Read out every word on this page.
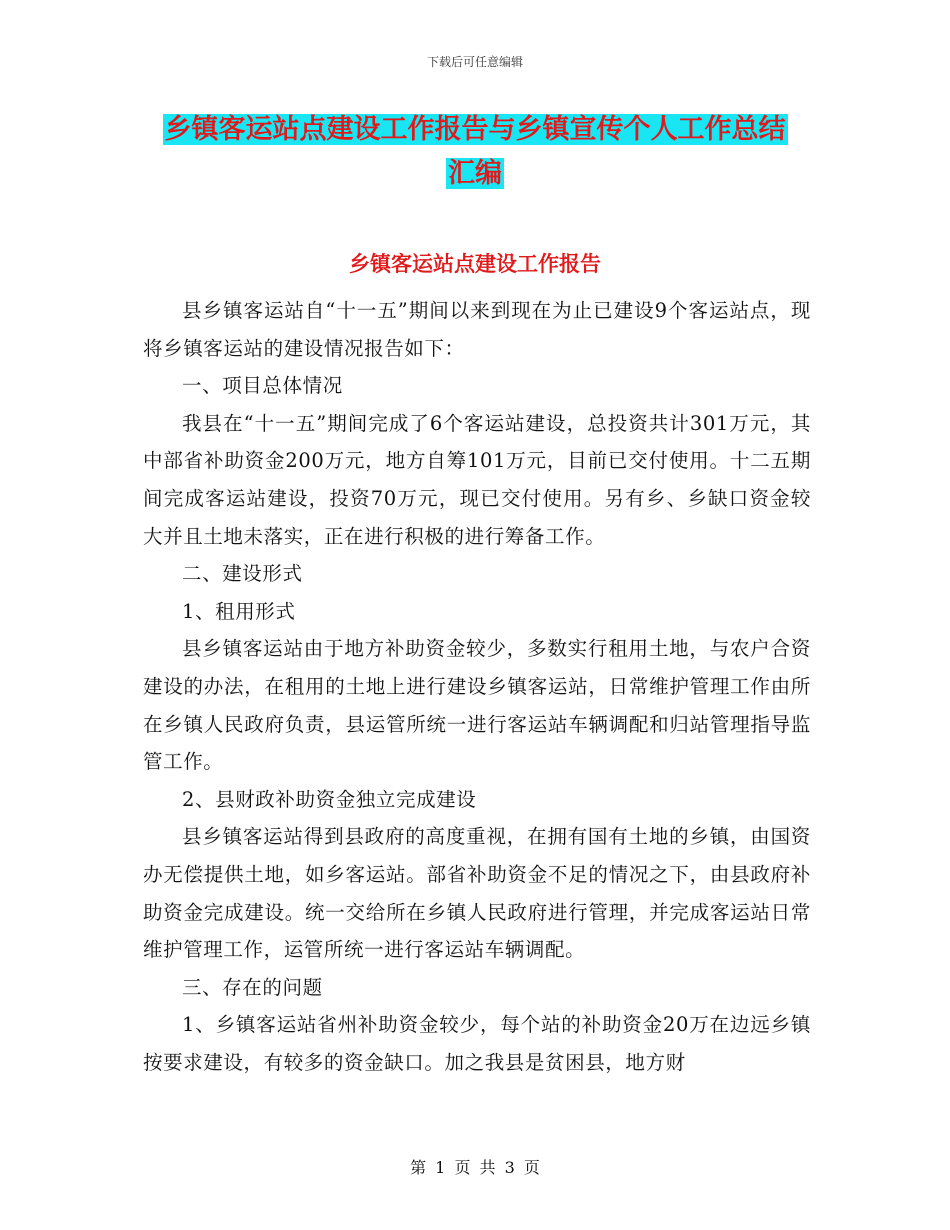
下载后可任意编辑
乡镇客运站点建设工作报告与乡镇宣传个人工作总结
汇编
乡镇客运站点建设工作报告

县乡镇客运站自“十一五”期间以来到现在为止已建设9个客运站点，现将乡镇客运站的建设情况报告如下：

一、项目总体情况

我县在“十一五”期间完成了6个客运站建设，总投资共计301万元，其中部省补助资金200万元，地方自筹101万元，目前已交付使用。十二五期间完成客运站建设，投资70万元，现已交付使用。另有乡、乡缺口资金较大并且土地未落实，正在进行积极的进行筹备工作。

二、建设形式

1、租用形式

县乡镇客运站由于地方补助资金较少，多数实行租用土地，与农户合资建设的办法，在租用的土地上进行建设乡镇客运站，日常维护管理工作由所在乡镇人民政府负责，县运管所统一进行客运站车辆调配和归站管理指导监管工作。

2、县财政补助资金独立完成建设

县乡镇客运站得到县政府的高度重视，在拥有国有土地的乡镇，由国资办无偿提供土地，如乡客运站。部省补助资金不足的情况之下，由县政府补助资金完成建设。统一交给所在乡镇人民政府进行管理，并完成客运站日常维护管理工作，运管所统一进行客运站车辆调配。

三、存在的问题

1、乡镇客运站省州补助资金较少，每个站的补助资金20万在边远乡镇按要求建设，有较多的资金缺口。加之我县是贫困县，地方财

第 1 页 共 3 页
